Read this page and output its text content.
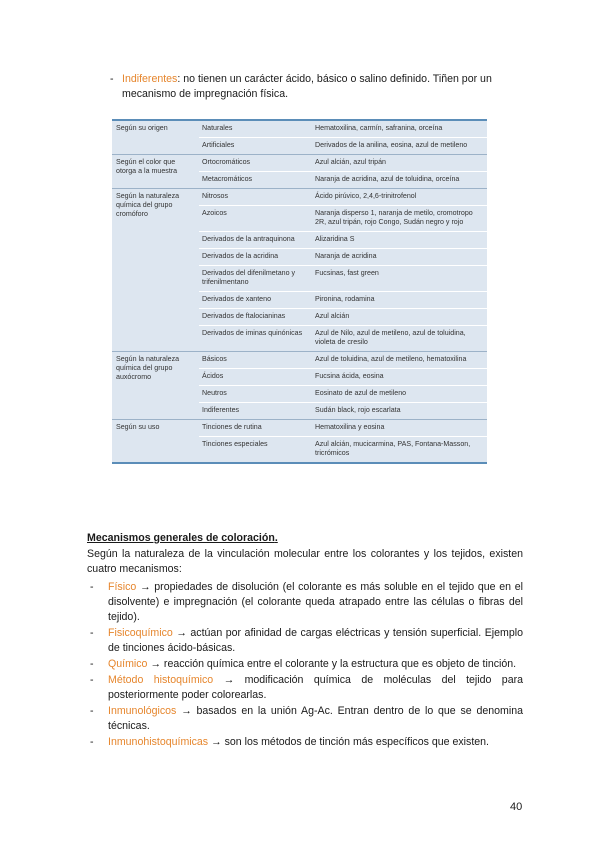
- Indiferentes: no tienen un carácter ácido, básico o salino definido. Tiñen por un mecanismo de impregnación física.
Según su origen	Naturales	Hematoxilina, carmín, safranina, orceína
	Artificiales	Derivados de la anilina, eosina, azul de metileno
Según el color que otorga a la muestra	Ortocromáticos	Azul alcián, azul tripán
	Metacromáticos	Naranja de acridina, azul de toluidina, orceína
Según la naturaleza química del grupo cromóforo	Nitrosos	Ácido pirúvico, 2,4,6-trinitrofenol
	Azoicos	Naranja disperso 1, naranja de metilo, cromotropo 2R, azul tripán, rojo Congo, Sudán negro y rojo
	Derivados de la antraquinona	Alizaridina S
	Derivados de la acridina	Naranja de acridina
	Derivados del difenilmetano y trifenilmentano	Fucsinas, fast green
	Derivados de xanteno	Pironina, rodamina
	Derivados de ftalocianinas	Azul alcián
	Derivados de iminas quinónicas	Azul de Nilo, azul de metileno, azul de toluidina, violeta de cresilo
Según la naturaleza química del grupo auxócromo	Básicos	Azul de toluidina, azul de metileno, hematoxilina
	Ácidos	Fucsina ácida, eosina
	Neutros	Eosinato de azul de metileno
	Indiferentes	Sudán black, rojo escarlata
Según su uso	Tinciones de rutina	Hematoxilina y eosina
	Tinciones especiales	Azul alcián, mucicarmina, PAS, Fontana-Masson, tricrómicos
Mecanismos generales de coloración.
Según la naturaleza de la vinculación molecular entre los colorantes y los tejidos, existen cuatro mecanismos:
- Físico → propiedades de disolución (el colorante es más soluble en el tejido que en el disolvente) e impregnación (el colorante queda atrapado entre las células o fibras del tejido).
- Fisicoquímico → actúan por afinidad de cargas eléctricas y tensión superficial. Ejemplo de tinciones ácido-básicas.
- Químico → reacción química entre el colorante y la estructura que es objeto de tinción.
- Método histoquímico → modificación química de moléculas del tejido para posteriormente poder colorearlas.
- Inmunológicos → basados en la unión Ag-Ac. Entran dentro de lo que se denomina técnicas.
- Inmunohistoquímicas → son los métodos de tinción más específicos que existen.
40
